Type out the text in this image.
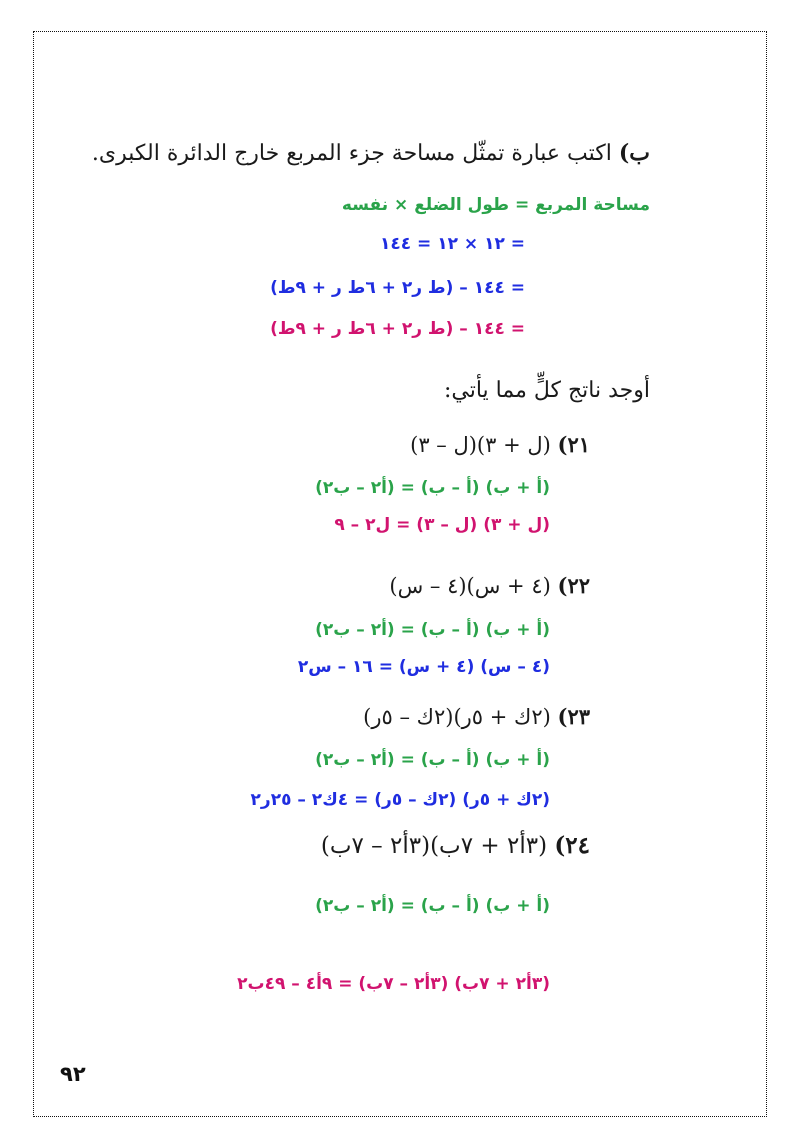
ب) اكتب عبارة تمثّل مساحة جزء المربع خارج الدائرة الكبرى.
مساحة المربع = طول الضلع × نفسه
= ١٢ × ١٢ = ١٤٤
= ١٤٤ – (ط ر٢ + ٦ط ر + ٩ط)
= ١٤٤ – (ط ر٢ + ٦ط ر + ٩ط)
أوجد ناتج كلٍّ مما يأتي:
٢١) (ل + ٣)(ل – ٣)
(أ + ب) (أ – ب) = (أ٢ – ب٢)
(ل + ٣) (ل – ٣) = ل٢ – ٩
٢٢) (٤ + س)(٤ – س)
(أ + ب) (أ – ب) = (أ٢ – ب٢)
(٤ – س) (٤ + س) = ١٦ – س٢
٢٣) (٢ك + ٥ر)(٢ك – ٥ر)
(أ + ب) (أ – ب) = (أ٢ – ب٢)
(٢ك + ٥ر) (٢ك – ٥ر) = ٤ك٢ – ٢٥ر٢
٢٤) (٣أ٢ + ٧ب)(٣أ٢ – ٧ب)
(أ + ب) (أ – ب) = (أ٢ – ب٢)
(٣أ٢ + ٧ب) (٣أ٢ – ٧ب) = ٩أ٤ – ٤٩ب٢
٩٢
